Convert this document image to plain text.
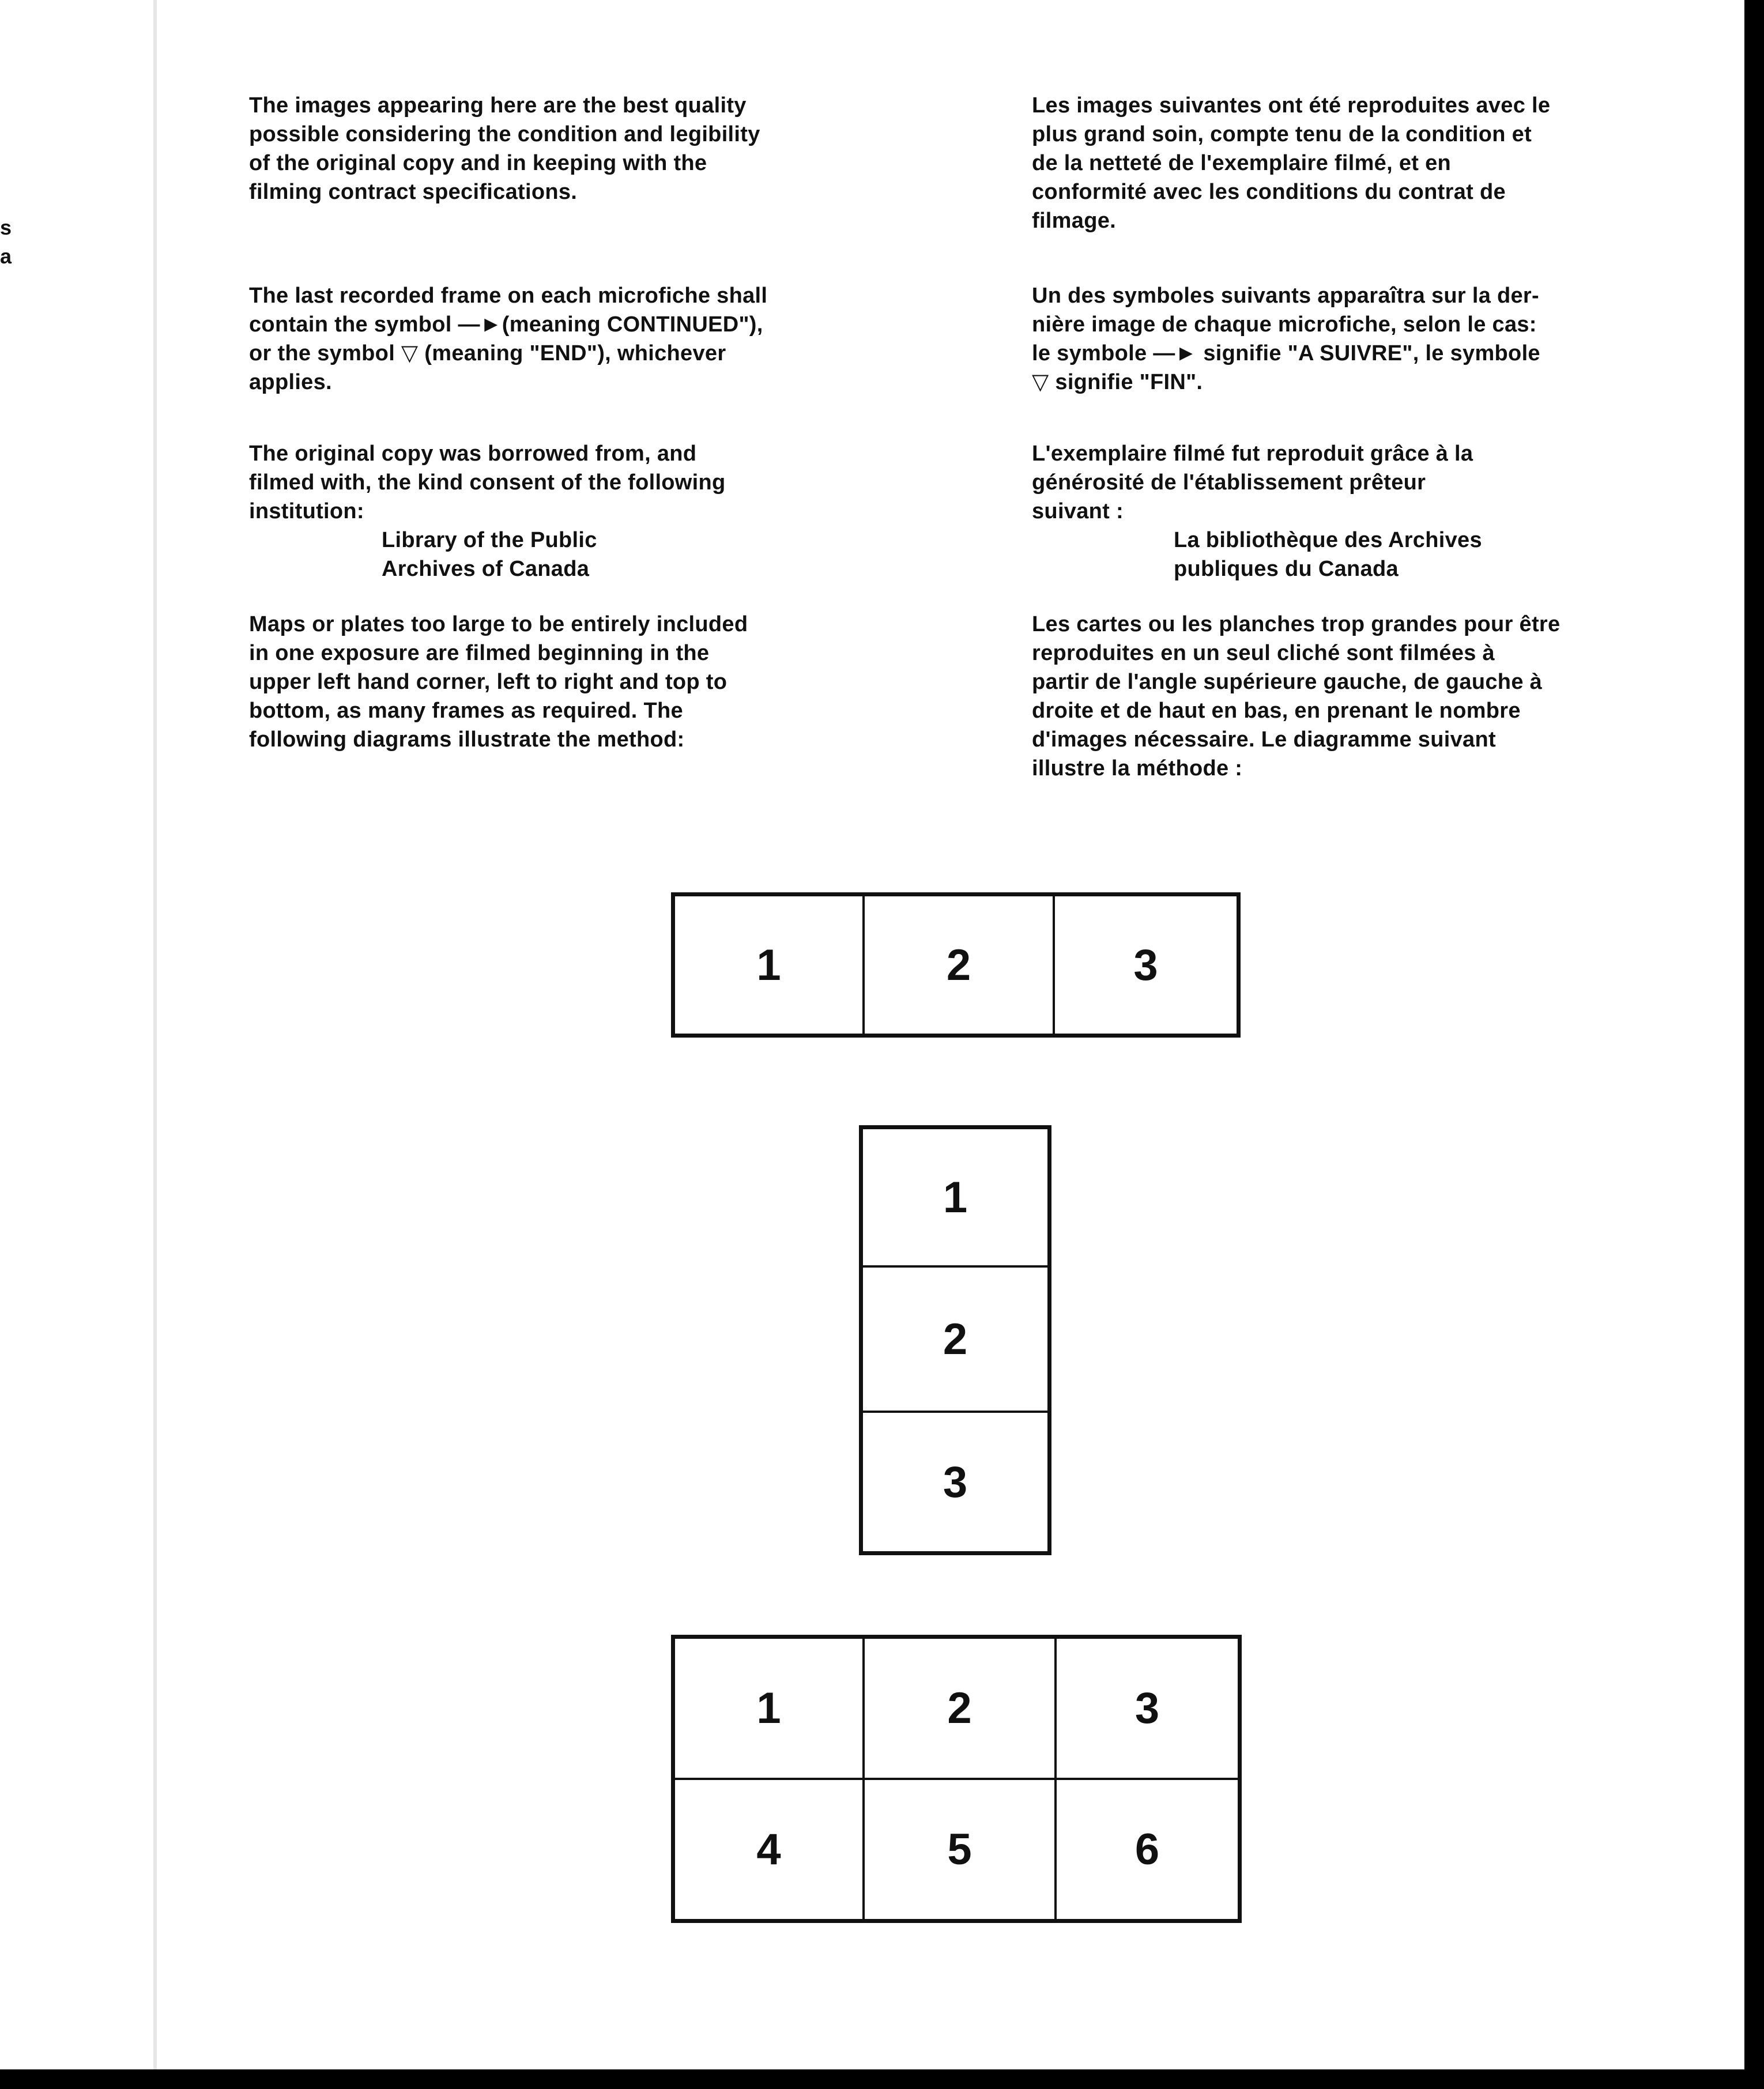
s
a

The images appearing here are the best quality
possible considering the condition and legibility
of the original copy and in keeping with the
filming contract specifications.

The last recorded frame on each microfiche shall
contain the symbol —►(meaning CONTINUED"),
or the symbol ▽ (meaning "END"), whichever
applies.

The original copy was borrowed from, and
filmed with, the kind consent of the following
institution:

Library of the Public
Archives of Canada

Maps or plates too large to be entirely included
in one exposure are filmed beginning in the
upper left hand corner, left to right and top to
bottom, as many frames as required. The
following diagrams illustrate the method:

Les images suivantes ont été reproduites avec le
plus grand soin, compte tenu de la condition et
de la netteté de l'exemplaire filmé, et en
conformité avec les conditions du contrat de
filmage.

Un des symboles suivants apparaîtra sur la der-
nière image de chaque microfiche, selon le cas:
le symbole —► signifie "A SUIVRE", le symbole
▽ signifie "FIN".

L'exemplaire filmé fut reproduit grâce à la
générosité de l'établissement prêteur
suivant :

La bibliothèque des Archives
publiques du Canada

Les cartes ou les planches trop grandes pour être
reproduites en un seul cliché sont filmées à
partir de l'angle supérieure gauche, de gauche à
droite et de haut en bas, en prenant le nombre
d'images nécessaire. Le diagramme suivant
illustre la méthode :

1	2	3
1
2
3
1	2	3
4	5	6
